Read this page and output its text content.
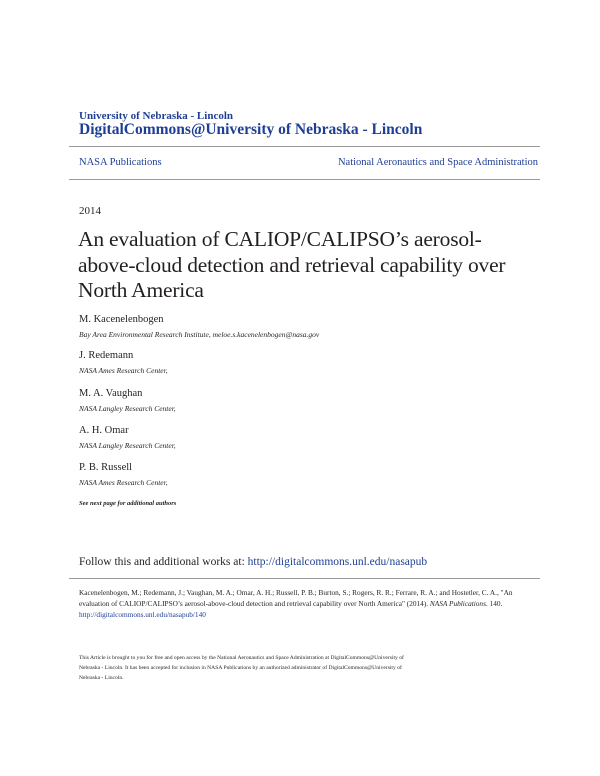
University of Nebraska - Lincoln
DigitalCommons@University of Nebraska - Lincoln
NASA Publications	National Aeronautics and Space Administration
2014
An evaluation of CALIOP/CALIPSO’s aerosol-
above-cloud detection and retrieval capability over
North America
M. Kacenelenbogen
Bay Area Environmental Research Institute, meloe.s.kacenelenbogen@nasa.gov
J. Redemann
NASA Ames Research Center,
M. A. Vaughan
NASA Langley Research Center,
A. H. Omar
NASA Langley Research Center,
P. B. Russell
NASA Ames Research Center,
See next page for additional authors
Follow this and additional works at: http://digitalcommons.unl.edu/nasapub
Kacenelenbogen, M.; Redemann, J.; Vaughan, M. A.; Omar, A. H.; Russell, P. B.; Burton, S.; Rogers, R. R.; Ferrare, R. A.; and Hostetler, C. A., "An evaluation of CALIOP/CALIPSO’s aerosol-above-cloud detection and retrieval capability over North America" (2014). NASA Publications. 140.
http://digitalcommons.unl.edu/nasapub/140
This Article is brought to you for free and open access by the National Aeronautics and Space Administration at DigitalCommons@University of
Nebraska - Lincoln. It has been accepted for inclusion in NASA Publications by an authorized administrator of DigitalCommons@University of
Nebraska - Lincoln.
